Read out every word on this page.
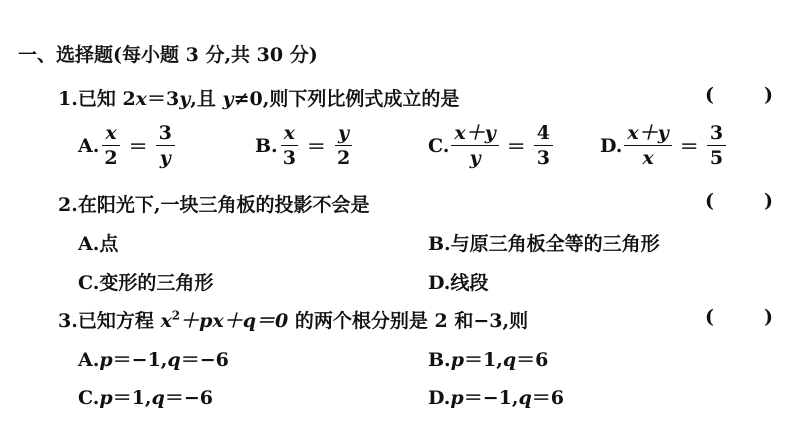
一、选择题(每小题 3 分,共 30 分)
1.已知 2x＝3y,且 y≠0,则下列比例式成立的是	(	)
A. $\frac{x}{2} = \frac{3}{y}$	B. $\frac{x}{3} = \frac{y}{2}$	C. $\frac{x+y}{y} = \frac{4}{3} D$. $\frac{x+y}{x} = \frac{3}{5}$
2.在阳光下,一块三角板的投影不会是	(	)
A.点	B.与原三角板全等的三角形
C.变形的三角形	D.线段
3.已知方程 $x^2+px+q=0$ 的两个根分别是 2 和−3,则	(	)
A.p＝−1,q＝−6	B.p＝1,q＝6
C.p＝1,q＝−6	D.p＝−1,q＝6
